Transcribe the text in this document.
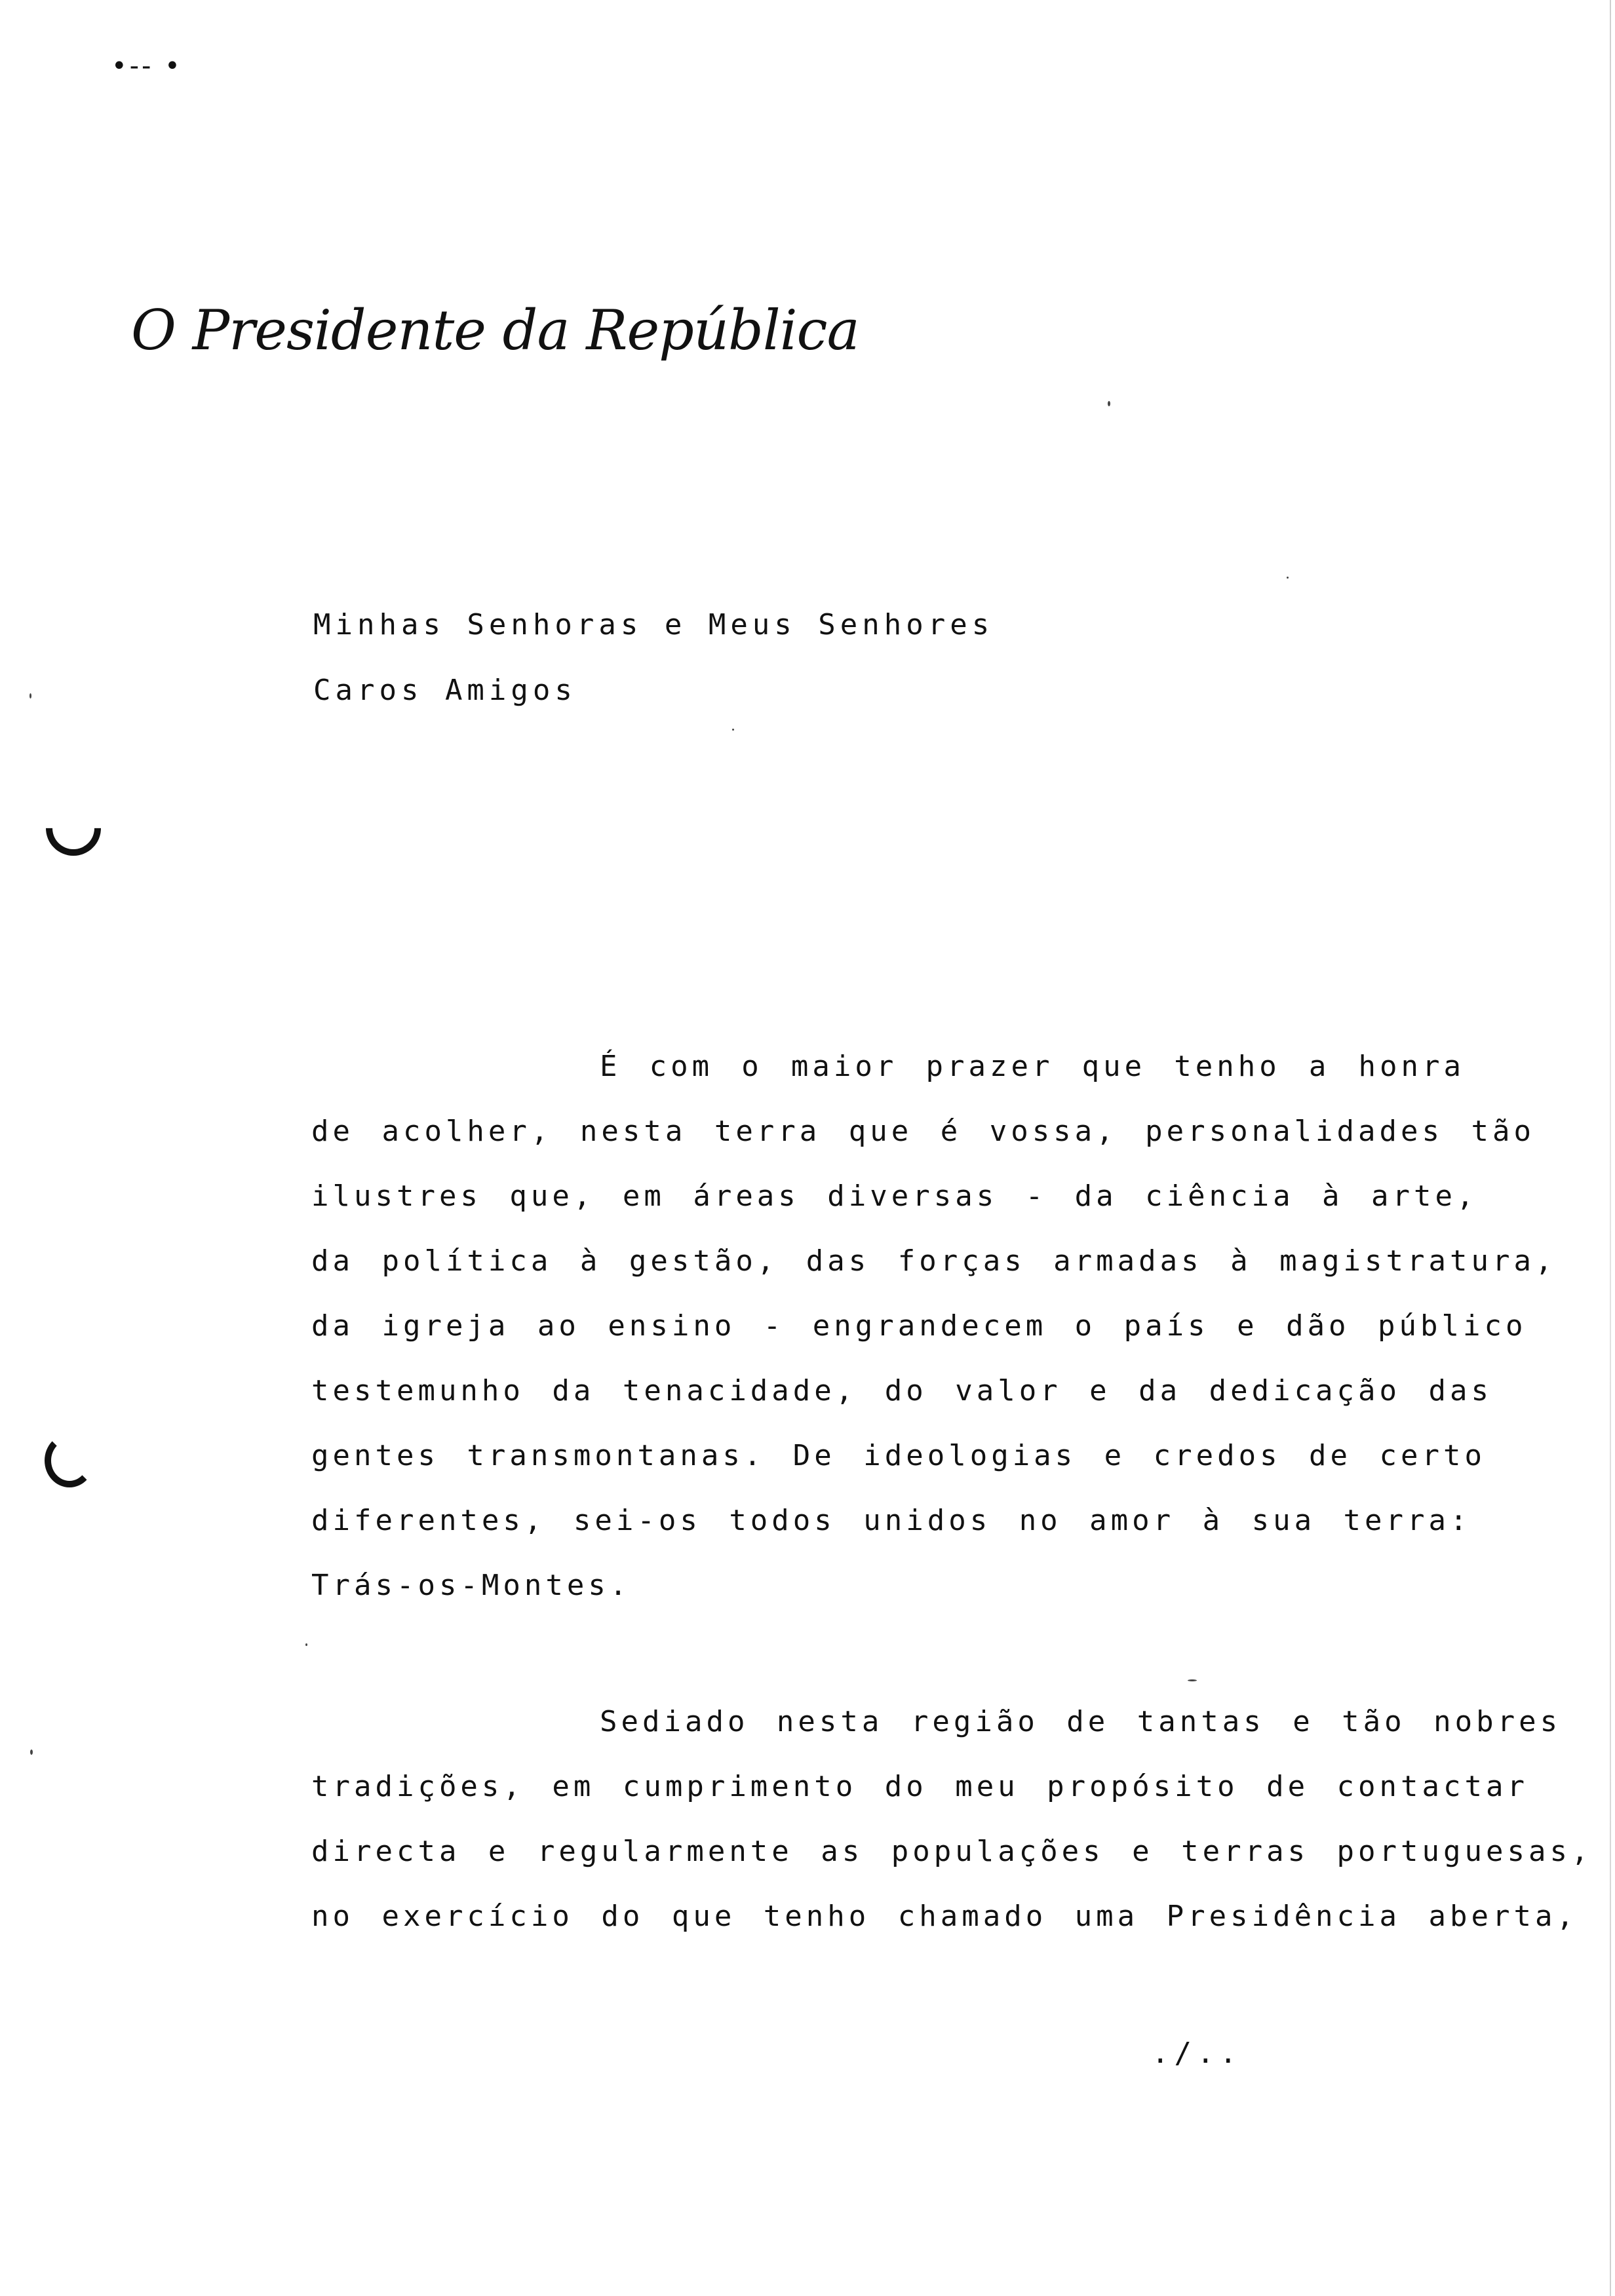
•-- •
O Presidente da República
Minhas Senhoras e Meus Senhores
Caros Amigos
É com o maior prazer que tenho a honra
de acolher, nesta terra que é vossa, personalidades tão
ilustres que, em áreas diversas - da ciência à arte,
da política à gestão, das forças armadas à magistratura,
da igreja ao ensino - engrandecem o país e dão público
testemunho da tenacidade, do valor e da dedicação das
gentes transmontanas. De ideologias e credos de certo
diferentes, sei-os todos unidos no amor à sua terra:
Trás-os-Montes.
Sediado nesta região de tantas e tão nobres
tradições, em cumprimento do meu propósito de contactar
directa e regularmente as populações e terras portuguesas,
no exercício do que tenho chamado uma Presidência aberta,
./..
